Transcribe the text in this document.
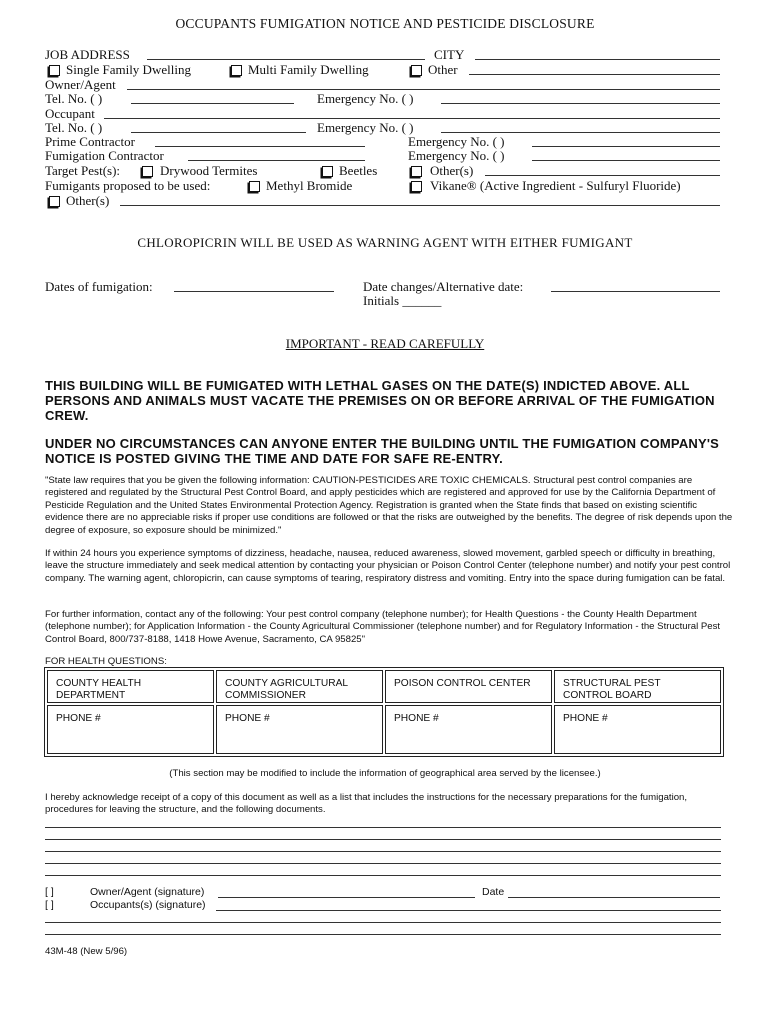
OCCUPANTS FUMIGATION NOTICE AND PESTICIDE DISCLOSURE
JOB ADDRESS	CITY
Single Family Dwelling	Multi Family Dwelling	Other
Owner/Agent
Tel. No. ( )	Emergency No. ( )
Occupant
Tel. No. ( )	Emergency No. ( )
Prime Contractor	Emergency No. ( )
Fumigation Contractor	Emergency No. ( )
Target Pest(s):	Drywood Termites	Beetles	Other(s)
Fumigants proposed to be used:	Methyl Bromide	Vikane® (Active Ingredient - Sulfuryl Fluoride)
Other(s)
CHLOROPICRIN WILL BE USED AS WARNING AGENT WITH EITHER FUMIGANT
Dates of fumigation:	Date changes/Alternative date:
Initials ______
IMPORTANT - READ CAREFULLY
THIS BUILDING WILL BE FUMIGATED WITH LETHAL GASES ON THE DATE(S) INDICTED ABOVE. ALL PERSONS AND ANIMALS MUST VACATE THE PREMISES ON OR BEFORE ARRIVAL OF THE FUMIGATION CREW.
UNDER NO CIRCUMSTANCES CAN ANYONE ENTER THE BUILDING UNTIL THE FUMIGATION COMPANY'S NOTICE IS POSTED GIVING THE TIME AND DATE FOR SAFE RE-ENTRY.
"State law requires that you be given the following information: CAUTION-PESTICIDES ARE TOXIC CHEMICALS. Structural pest control companies are registered and regulated by the Structural Pest Control Board, and apply pesticides which are registered and approved for use by the California Department of Pesticide Regulation and the United States Environmental Protection Agency. Registration is granted when the State finds that based on existing scientific evidence there are no appreciable risks if proper use conditions are followed or that the risks are outweighed by the benefits. The degree of risk depends upon the degree of exposure, so exposure should be minimized."
If within 24 hours you experience symptoms of dizziness, headache, nausea, reduced awareness, slowed movement, garbled speech or difficulty in breathing, leave the structure immediately and seek medical attention by contacting your physician or Poison Control Center (telephone number) and notify your pest control company. The warning agent, chloropicrin, can cause symptoms of tearing, respiratory distress and vomiting. Entry into the space during fumigation can be fatal.
For further information, contact any of the following: Your pest control company (telephone number); for Health Questions - the County Health Department (telephone number); for Application Information - the County Agricultural Commissioner (telephone number) and for Regulatory Information - the Structural Pest Control Board, 800/737-8188, 1418 Howe Avenue, Sacramento, CA 95825"
FOR HEALTH QUESTIONS:
COUNTY HEALTH DEPARTMENT	COUNTY AGRICULTURAL COMMISSIONER	POISON CONTROL CENTER	STRUCTURAL PEST CONTROL BOARD
PHONE #	PHONE #	PHONE #	PHONE #
(This section may be modified to include the information of geographical area served by the licensee.)
I hereby acknowledge receipt of a copy of this document as well as a list that includes the instructions for the necessary preparations for the fumigation, procedures for leaving the structure, and the following documents.
[ ]	Owner/Agent (signature)	Date
[ ]	Occupants(s) (signature)
43M-48 (New 5/96)
